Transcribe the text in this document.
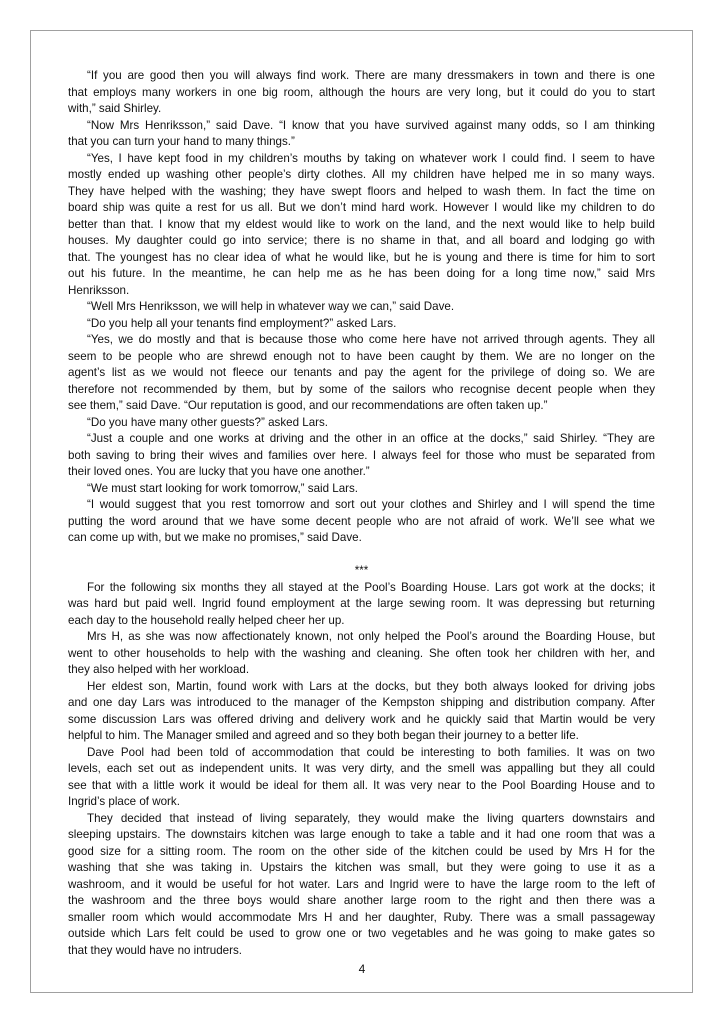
“If you are good then you will always find work. There are many dressmakers in town and there is one
that employs many workers in one big room, although the hours are very long, but it could do you to start
with,” said Shirley.
“Now Mrs Henriksson,” said Dave. “I know that you have survived against many odds, so I am thinking
that you can turn your hand to many things.”
“Yes, I have kept food in my children’s mouths by taking on whatever work I could find. I seem to have
mostly ended up washing other people’s dirty clothes. All my children have helped me in so many ways.
They have helped with the washing; they have swept floors and helped to wash them. In fact the time on
board ship was quite a rest for us all. But we don’t mind hard work. However I would like my children to do
better than that. I know that my eldest would like to work on the land, and the next would like to help build
houses. My daughter could go into service; there is no shame in that, and all board and lodging go with
that. The youngest has no clear idea of what he would like, but he is young and there is time for him to sort
out his future. In the meantime, he can help me as he has been doing for a long time now,” said Mrs
Henriksson.
“Well Mrs Henriksson, we will help in whatever way we can,” said Dave.
“Do you help all your tenants find employment?” asked Lars.
“Yes, we do mostly and that is because those who come here have not arrived through agents. They all
seem to be people who are shrewd enough not to have been caught by them. We are no longer on the
agent’s list as we would not fleece our tenants and pay the agent for the privilege of doing so. We are
therefore not recommended by them, but by some of the sailors who recognise decent people when they
see them,” said Dave. “Our reputation is good, and our recommendations are often taken up.”
“Do you have many other guests?” asked Lars.
“Just a couple and one works at driving and the other in an office at the docks,” said Shirley. “They are
both saving to bring their wives and families over here. I always feel for those who must be separated from
their loved ones. You are lucky that you have one another.”
“We must start looking for work tomorrow,” said Lars.
“I would suggest that you rest tomorrow and sort out your clothes and Shirley and I will spend the time
putting the word around that we have some decent people who are not afraid of work. We’ll see what we
can come up with, but we make no promises,” said Dave.
***
For the following six months they all stayed at the Pool’s Boarding House. Lars got work at the docks; it
was hard but paid well. Ingrid found employment at the large sewing room. It was depressing but returning
each day to the household really helped cheer her up.
Mrs H, as she was now affectionately known, not only helped the Pool’s around the Boarding House, but
went to other households to help with the washing and cleaning. She often took her children with her, and
they also helped with her workload.
Her eldest son, Martin, found work with Lars at the docks, but they both always looked for driving jobs
and one day Lars was introduced to the manager of the Kempston shipping and distribution company. After
some discussion Lars was offered driving and delivery work and he quickly said that Martin would be very
helpful to him. The Manager smiled and agreed and so they both began their journey to a better life.
Dave Pool had been told of accommodation that could be interesting to both families. It was on two
levels, each set out as independent units. It was very dirty, and the smell was appalling but they all could
see that with a little work it would be ideal for them all. It was very near to the Pool Boarding House and to
Ingrid’s place of work.
They decided that instead of living separately, they would make the living quarters downstairs and
sleeping upstairs. The downstairs kitchen was large enough to take a table and it had one room that was a
good size for a sitting room. The room on the other side of the kitchen could be used by Mrs H for the
washing that she was taking in. Upstairs the kitchen was small, but they were going to use it as a
washroom, and it would be useful for hot water. Lars and Ingrid were to have the large room to the left of
the washroom and the three boys would share another large room to the right and then there was a
smaller room which would accommodate Mrs H and her daughter, Ruby. There was a small passageway
outside which Lars felt could be used to grow one or two vegetables and he was going to make gates so
that they would have no intruders.
4
